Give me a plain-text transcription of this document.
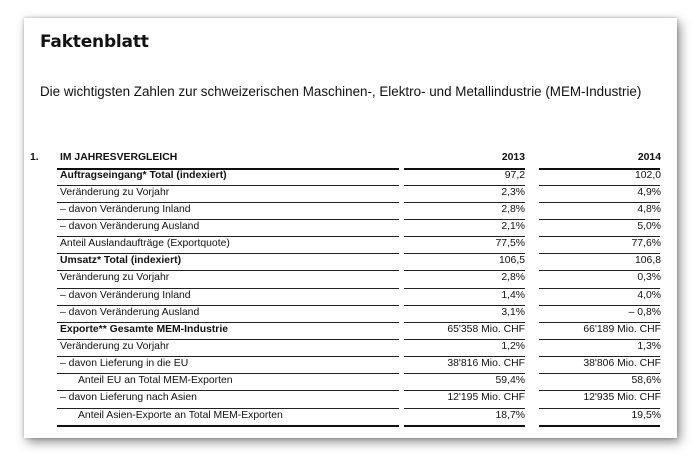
Faktenblatt
Die wichtigsten Zahlen zur schweizerischen Maschinen-, Elektro- und Metallindustrie (MEM-Industrie)
1. IM JAHRESVERGLEICH	2013	2014
Auftragseingang* Total (indexiert)	97,2	102,0
Veränderung zu Vorjahr	2,3%	4,9%
– davon Veränderung Inland	2,8%	4,8%
– davon Veränderung Ausland	2,1%	5,0%
Anteil Auslandaufträge (Exportquote)	77,5%	77,6%
Umsatz* Total (indexiert)	106,5	106,8
Veränderung zu Vorjahr	2,8%	0,3%
– davon Veränderung Inland	1,4%	4,0%
– davon Veränderung Ausland	3,1%	– 0,8%
Exporte** Gesamte MEM-Industrie	65'358 Mio. CHF	66'189 Mio. CHF
Veränderung zu Vorjahr	1,2%	1,3%
– davon Lieferung in die EU	38'816 Mio. CHF	38'806 Mio. CHF
Anteil EU an Total MEM-Exporten	59,4%	58,6%
– davon Lieferung nach Asien	12'195 Mio. CHF	12'935 Mio. CHF
Anteil Asien-Exporte an Total MEM-Exporten	18,7%	19,5%
